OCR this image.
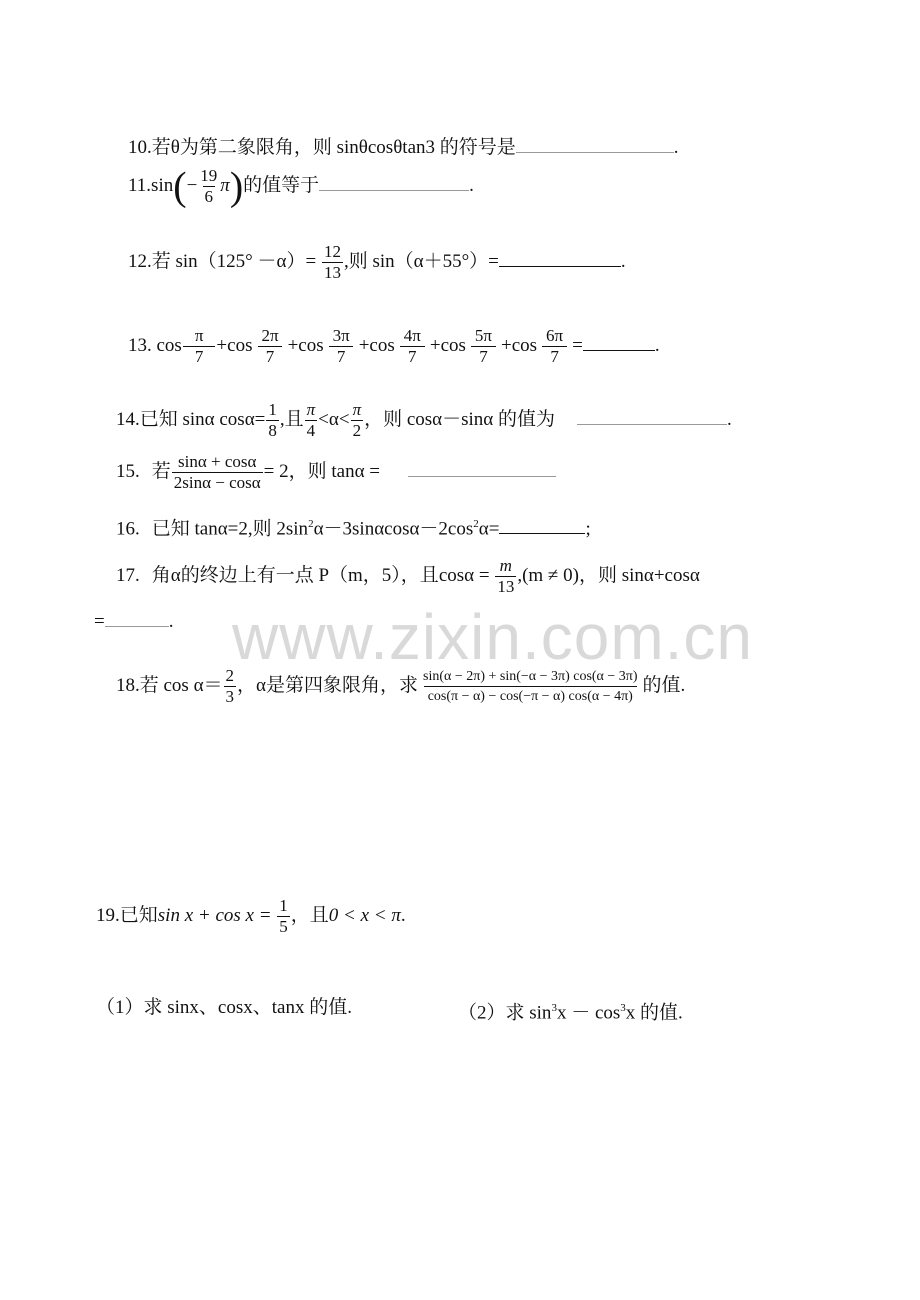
www.zixin.com.cn
10.若θ为第二象限角，则 sinθcosθtan3 的符号是	.
$11.\sin(- \frac{19}{6} \pi)$的值等于	.
12.若 $\sin(125^\circ -\alpha)= \frac{12}{13}$ ,则 sin（α＋55°）=	.
13. $\cos \frac{\pi}{7} +\cos \frac{2\pi}{7} +\cos \frac{3\pi}{7} +\cos \frac{4\pi}{7} +\cos \frac{5\pi}{7} +\cos \frac{6\pi}{7}$ =	.
14.已知 sinα $\cos\alpha= \frac{1}{8}$ ,且 $\frac{\pi}{4} <\alpha< \frac{\pi}{2}$ ，则 cosα－sinα 的值为	.
15. 若 $\frac{\sin\alpha + \cos\alpha}{2\sin\alpha - \cos\alpha} = 2$，则 tanα =
16. 已知 tanα=2,则 $2\sin^2\alpha-3\sin\alpha\cos\alpha-2\cos^2\alpha=$	;
17. 角α的终边上有一点 P（m，5），且$\cos\alpha = \frac{m}{13} ,(m \ne 0)$，则 sinα+cosα
=	.
18.若 $\cos \alpha= \frac{2}{3}$ ，α是第四象限角，求 $\frac{\sin(\alpha - 2\pi) + \sin(-\alpha - 3\pi) \cos(\alpha - 3\pi)}{\cos(\pi - \alpha) - \cos(-\pi - \alpha) \cos(\alpha - 4\pi)}$ 的值.
19.已知$\sin x + \cos x = \frac{1}{5}$ ，且0 < x < π.
（1）求 sinx、cosx、tanx 的值.	（2）求 $\sin^3x - \cos^3x$ 的值.
